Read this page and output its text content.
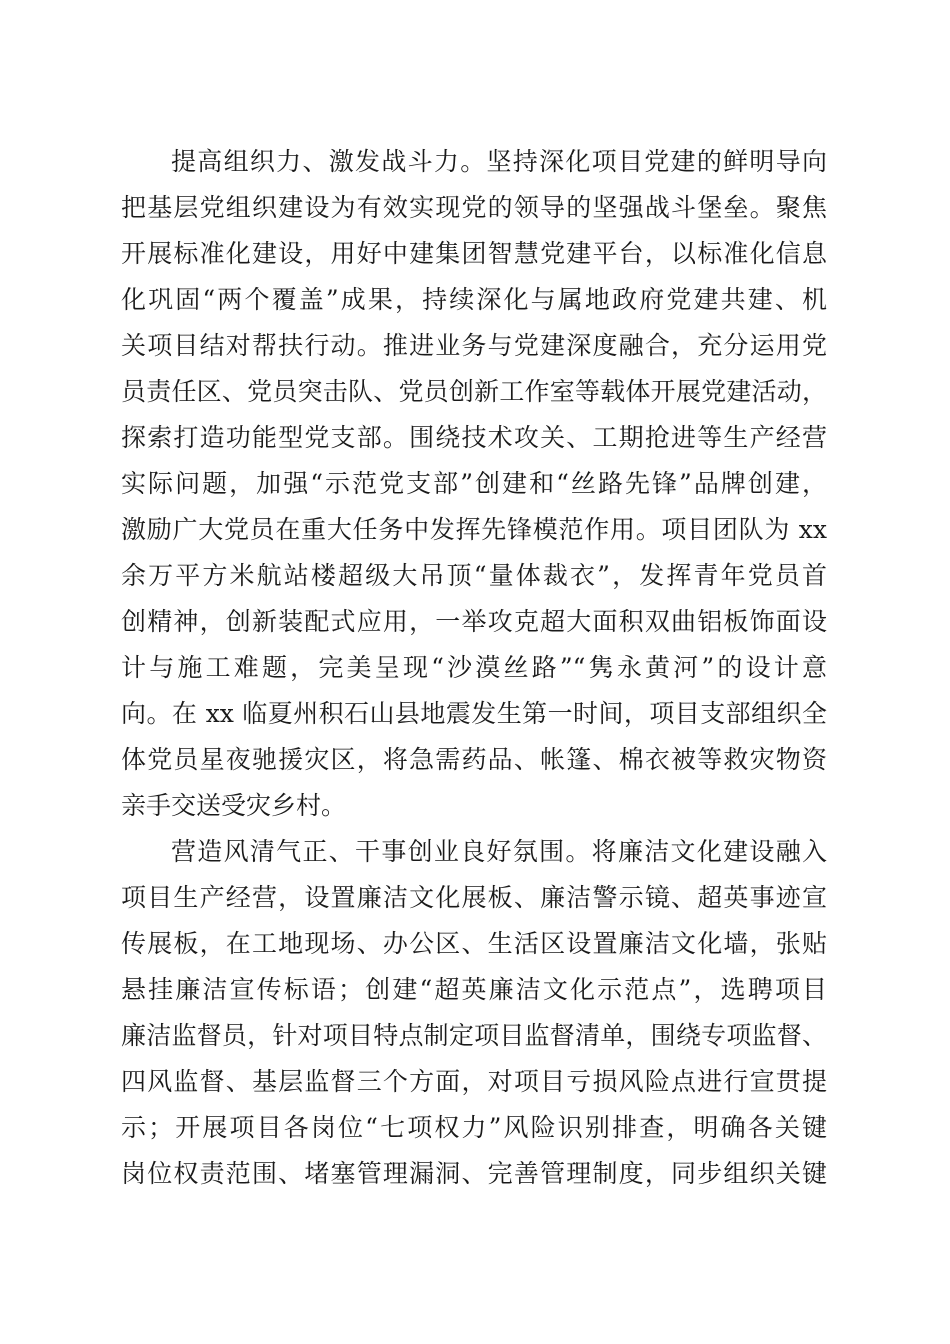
提高组织力、激发战斗力。坚持深化项目党建的鲜明导向

把基层党组织建设为有效实现党的领导的坚强战斗堡垒。聚焦

开展标准化建设，用好中建集团智慧党建平台，以标准化信息

化巩固“两个覆盖”成果，持续深化与属地政府党建共建、机

关项目结对帮扶行动。推进业务与党建深度融合，充分运用党

员责任区、党员突击队、党员创新工作室等载体开展党建活动，

探索打造功能型党支部。围绕技术攻关、工期抢进等生产经营

实际问题，加强“示范党支部”创建和“丝路先锋”品牌创建，

激励广大党员在重大任务中发挥先锋模范作用。项目团队为 xx

余万平方米航站楼超级大吊顶“量体裁衣”，发挥青年党员首

创精神，创新装配式应用，一举攻克超大面积双曲铝板饰面设

计与施工难题，完美呈现“沙漠丝路”“隽永黄河”的设计意

向。在 xx 临夏州积石山县地震发生第一时间，项目支部组织全

体党员星夜驰援灾区，将急需药品、帐篷、棉衣被等救灾物资

亲手交送受灾乡村。

营造风清气正、干事创业良好氛围。将廉洁文化建设融入

项目生产经营，设置廉洁文化展板、廉洁警示镜、超英事迹宣

传展板，在工地现场、办公区、生活区设置廉洁文化墙，张贴

悬挂廉洁宣传标语；创建“超英廉洁文化示范点”，选聘项目

廉洁监督员，针对项目特点制定项目监督清单，围绕专项监督、

四风监督、基层监督三个方面，对项目亏损风险点进行宣贯提

示；开展项目各岗位“七项权力”风险识别排查，明确各关键

岗位权责范围、堵塞管理漏洞、完善管理制度，同步组织关键
